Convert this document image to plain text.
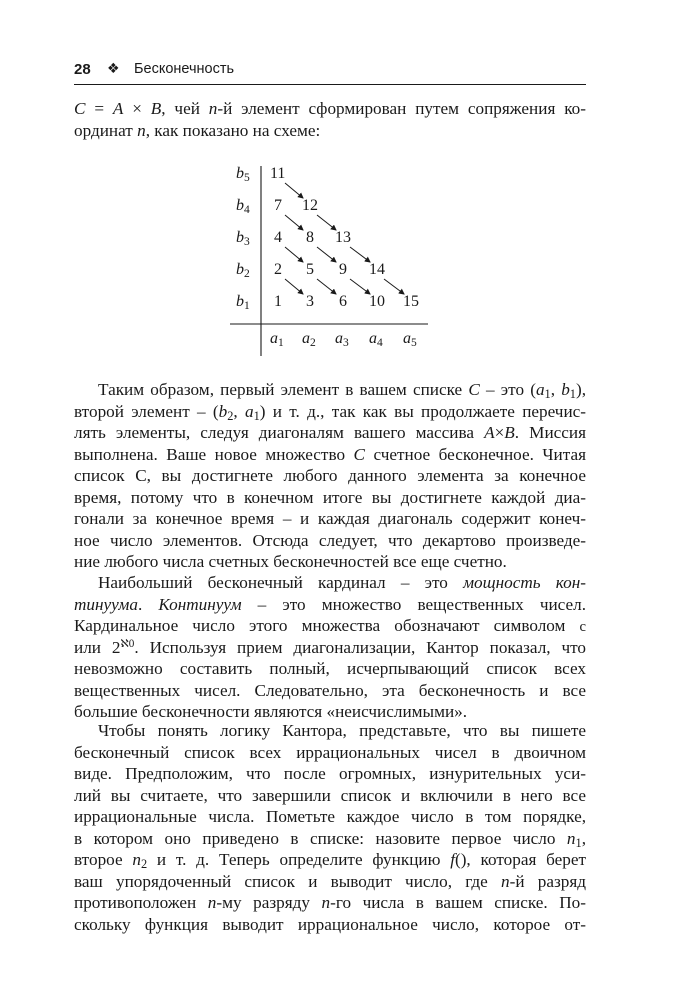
28 ❖ Бесконечность
C = A × B, чей n-й элемент сформирован путем сопряжения ко-
ординат n, как показано на схеме:
$b_5$
$b_4$
$b_3$
$b_2$
$b_1$
$a_1$ $a_2$ $a_3$ $a_4$ $a_5$
11
7 12
4 8 13
2 5 9 14
1 3 6 10 15
Таким образом, первый элемент в вашем списке C – это ($a_1$, $b_1$),
второй элемент – ($b_2$, $a_1$) и т. д., так как вы продолжаете перечис-
лять элементы, следуя диагоналям вашего массива A×B. Миссия
выполнена. Ваше новое множество C счетное бесконечное. Читая
список C, вы достигнете любого данного элемента за конечное
время, потому что в конечном итоге вы достигнете каждой диа-
гонали за конечное время – и каждая диагональ содержит конеч-
ное число элементов. Отсюда следует, что декартово произведе-
ние любого числа счетных бесконечностей все еще счетно.
Наибольший бесконечный кардинал – это мощность кон-
тинуума. Континуум – это множество вещественных чисел.
Кардинальное число этого множества обозначают символом c
или $2^{ℵ0}$. Используя прием диагонализации, Кантор показал, что
невозможно составить полный, исчерпывающий список всех
вещественных чисел. Следовательно, эта бесконечность и все
большие бесконечности являются «неисчислимыми».
Чтобы понять логику Кантора, представьте, что вы пишете
бесконечный список всех иррациональных чисел в двоичном
виде. Предположим, что после огромных, изнурительных уси-
лий вы считаете, что завершили список и включили в него все
иррациональные числа. Пометьте каждое число в том порядке,
в котором оно приведено в списке: назовите первое число $n_1$,
второе $n_2$ и т. д. Теперь определите функцию f(), которая берет
ваш упорядоченный список и выводит число, где n-й разряд
противоположен n-му разряду n-го числа в вашем списке. По-
скольку функция выводит иррациональное число, которое от-
